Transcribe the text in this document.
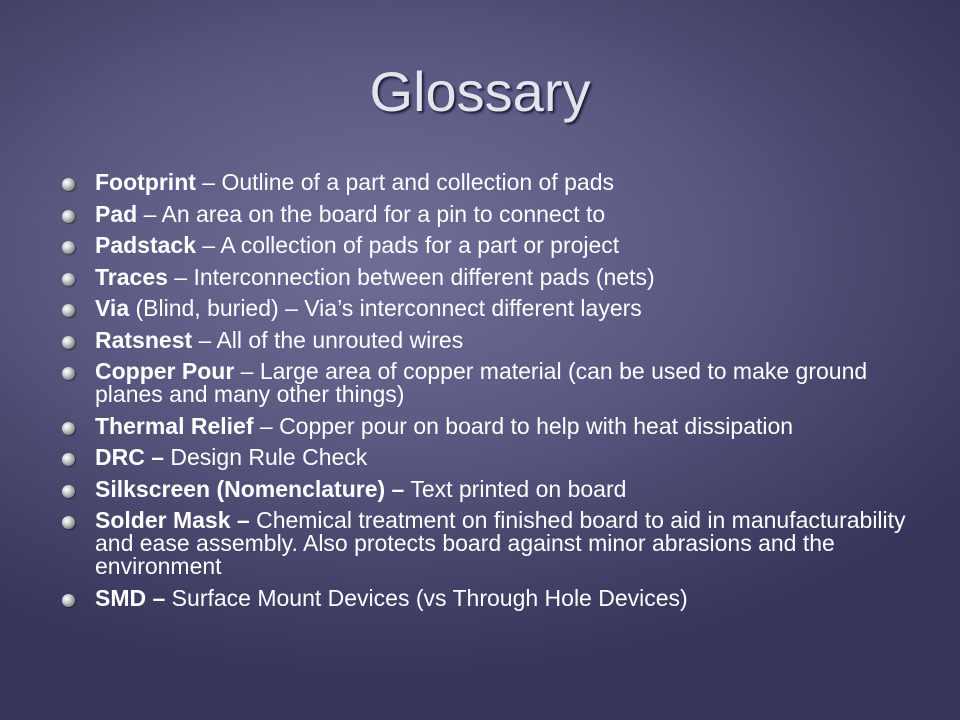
Glossary
Footprint – Outline of a part and collection of pads
Pad – An area on the board for a pin to connect to
Padstack – A collection of pads for a part or project
Traces – Interconnection between different pads (nets)
Via (Blind, buried) – Via’s interconnect different layers
Ratsnest – All of the unrouted wires
Copper Pour – Large area of copper material (can be used to make ground planes and many other things)
Thermal Relief – Copper pour on board to help with heat dissipation
DRC – Design Rule Check
Silkscreen (Nomenclature) – Text printed on board
Solder Mask – Chemical treatment on finished board to aid in manufacturability and ease assembly. Also protects board against minor abrasions and the environment
SMD – Surface Mount Devices (vs Through Hole Devices)
